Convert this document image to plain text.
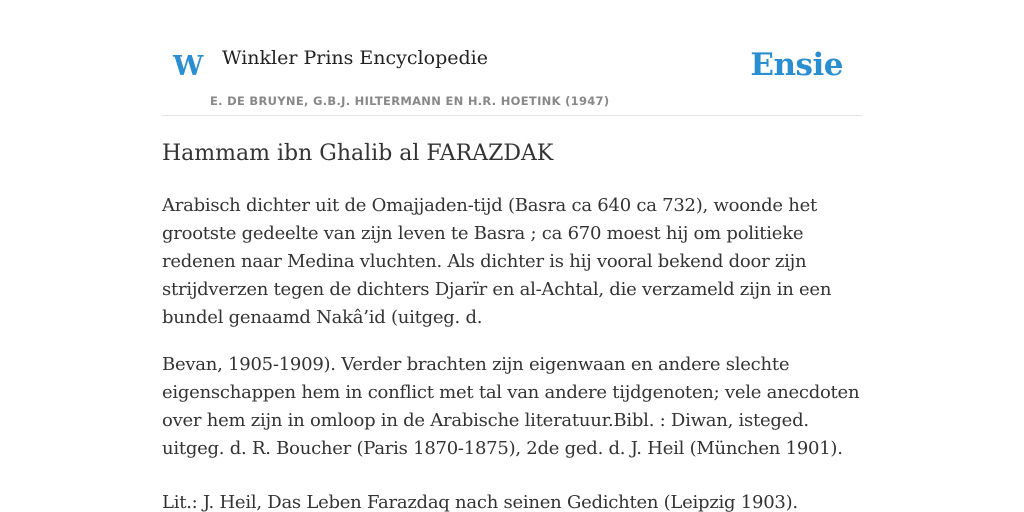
W Winkler Prins Encyclopedie
E. DE BRUYNE, G.B.J. HILTERMANN EN H.R. HOETINK (1947)
Ensie
Hammam ibn Ghalib al FARAZDAK

Arabisch dichter uit de Omajjaden-tijd (Basra ca 640 ca 732), woonde het grootste gedeelte van zijn leven te Basra ; ca 670 moest hij om politieke redenen naar Medina vluchten. Als dichter is hij vooral bekend door zijn strijdverzen tegen de dichters Djarïr en al-Achtal, die verzameld zijn in een bundel genaamd Nakâ’id (uitgeg. d.

Bevan, 1905-1909). Verder brachten zijn eigenwaan en andere slechte eigenschappen hem in conflict met tal van andere tijdgenoten; vele anecdoten over hem zijn in omloop in de Arabische literatuur.Bibl. : Diwan, isteged. uitgeg. d. R. Boucher (Paris 1870-1875), 2de ged. d. J. Heil (München 1901).

Lit.: J. Heil, Das Leben Farazdaq nach seinen Gedichten (Leipzig 1903).
